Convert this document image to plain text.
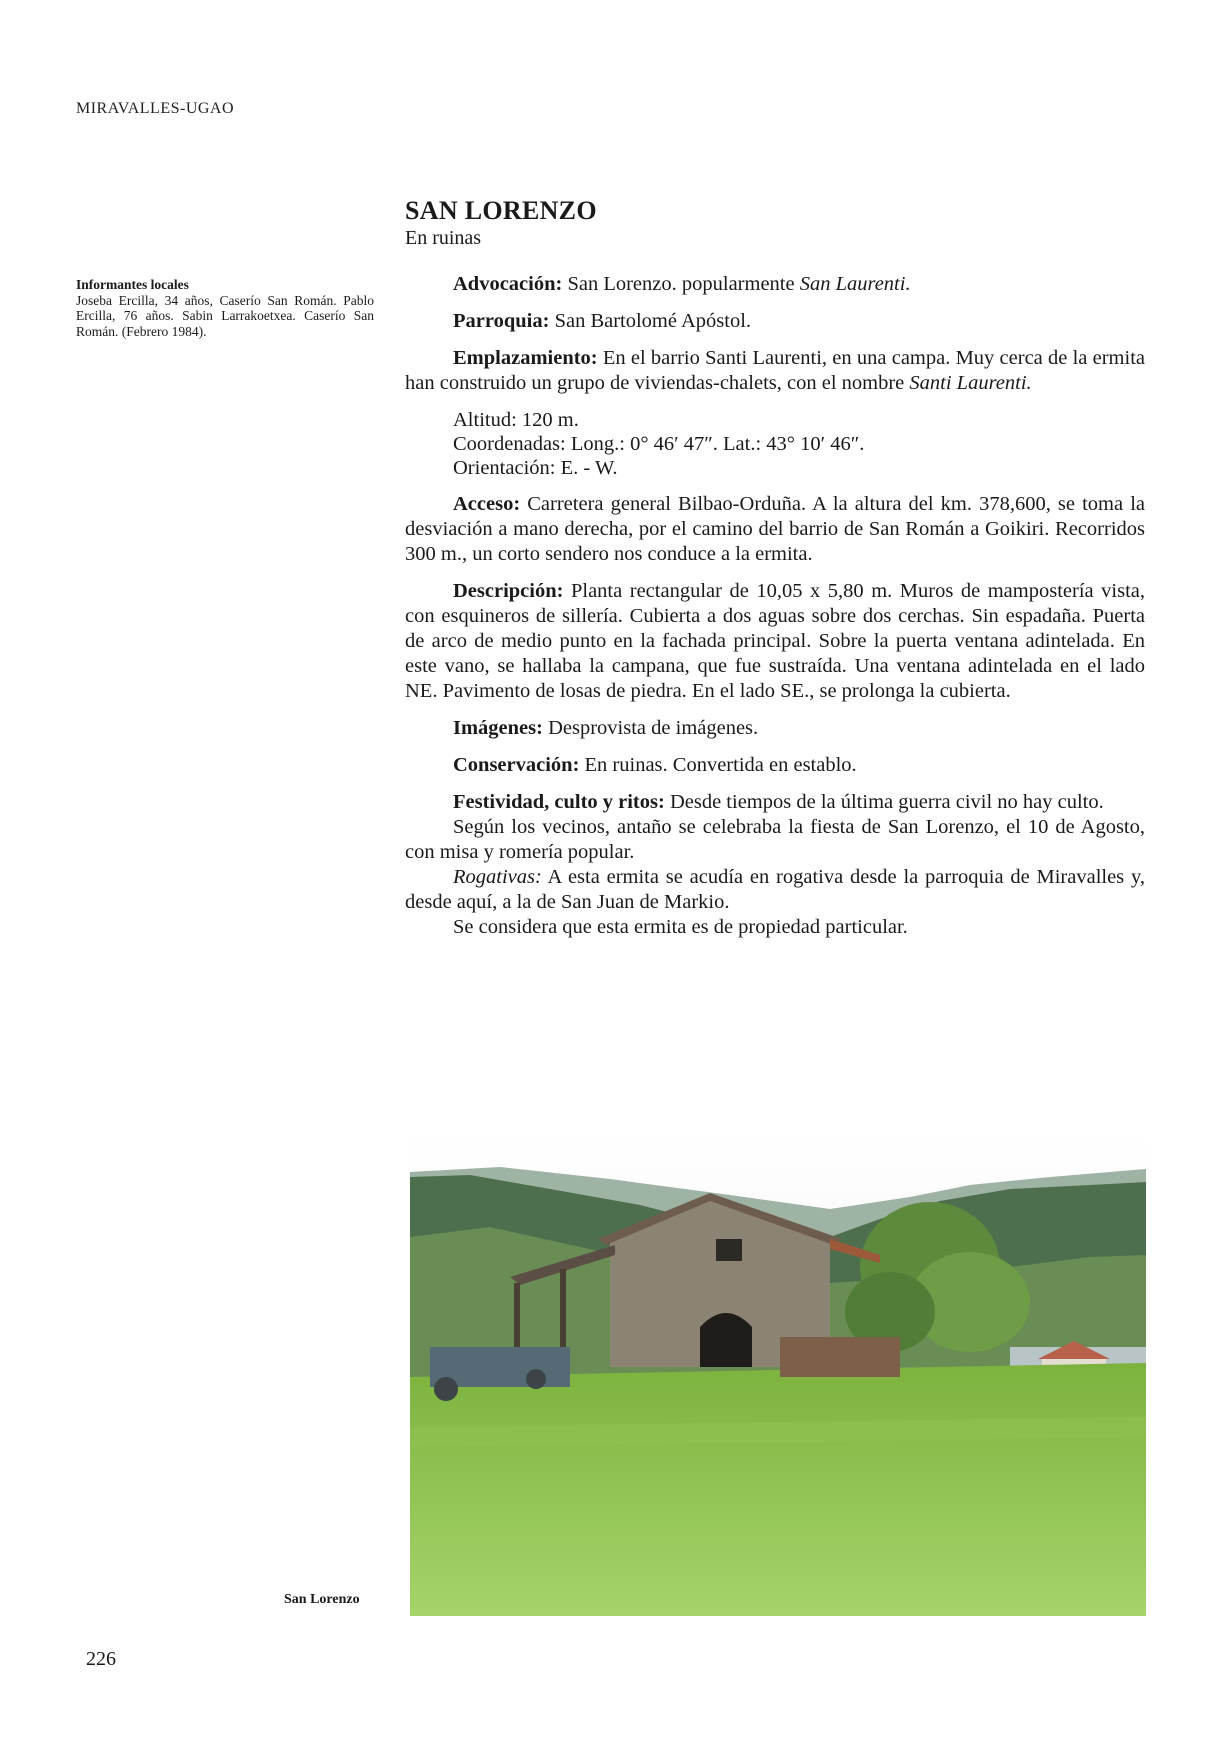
MIRAVALLES-UGAO
SAN LORENZO
En ruinas
Informantes locales
Joseba Ercilla, 34 años, Caserío San Román. Pablo Ercilla, 76 años. Sabin Larrakoetxea. Caserío San Román. (Febrero 1984).

Advocación: San Lorenzo. popularmente San Laurenti.

Parroquia: San Bartolomé Apóstol.

Emplazamiento: En el barrio Santi Laurenti, en una campa. Muy cerca de la ermita han construido un grupo de viviendas-chalets, con el nombre Santi Laurenti.

Altitud: 120 m.
Coordenadas: Long.: 0° 46′ 47″. Lat.: 43° 10′ 46″.
Orientación: E. - W.

Acceso: Carretera general Bilbao-Orduña. A la altura del km. 378,600, se toma la desviación a mano derecha, por el camino del barrio de San Román a Goikiri. Recorridos 300 m., un corto sendero nos conduce a la ermita.

Descripción: Planta rectangular de 10,05 x 5,80 m. Muros de mampostería vista, con esquineros de sillería. Cubierta a dos aguas sobre dos cerchas. Sin espadaña. Puerta de arco de medio punto en la fachada principal. Sobre la puerta ventana adintelada. En este vano, se hallaba la campana, que fue sustraída. Una ventana adintelada en el lado NE. Pavimento de losas de piedra. En el lado SE., se prolonga la cubierta.

Imágenes: Desprovista de imágenes.

Conservación: En ruinas. Convertida en establo.

Festividad, culto y ritos: Desde tiempos de la última guerra civil no hay culto.

Según los vecinos, antaño se celebraba la fiesta de San Lorenzo, el 10 de Agosto, con misa y romería popular.

Rogativas: A esta ermita se acudía en rogativa desde la parroquia de Miravalles y, desde aquí, a la de San Juan de Markio.

Se considera que esta ermita es de propiedad particular.

San Lorenzo
226
